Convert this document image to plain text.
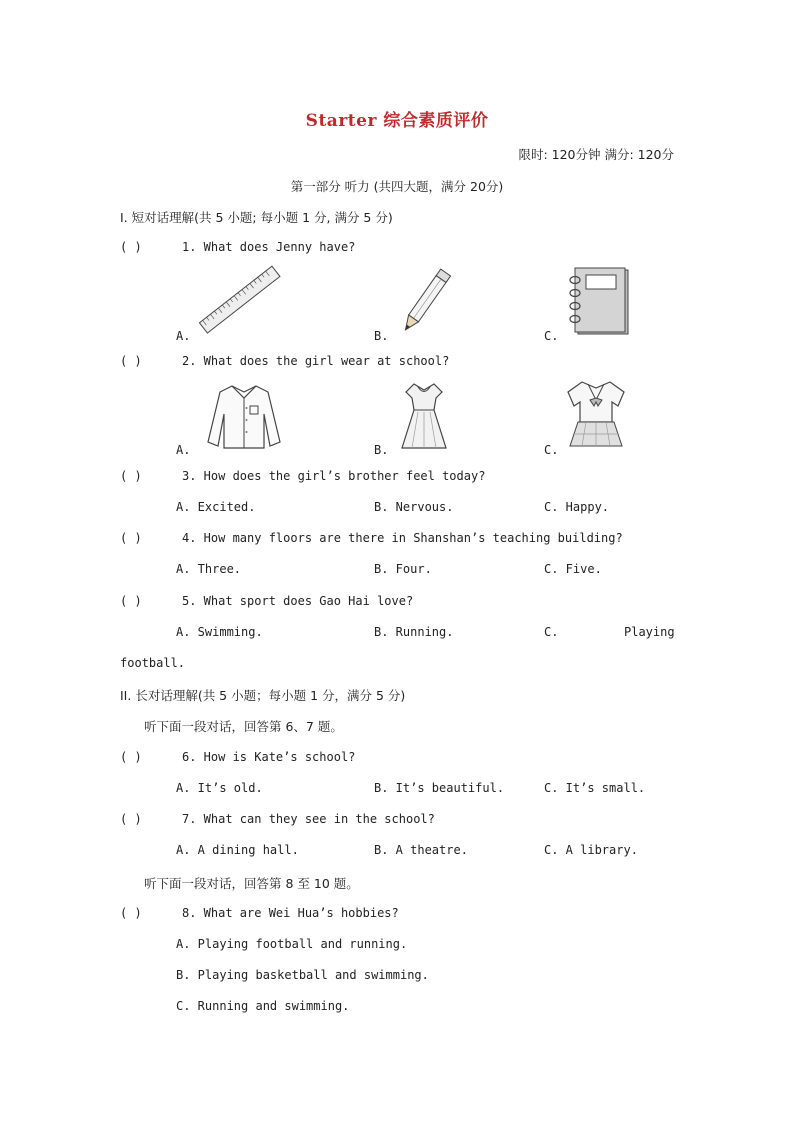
Starter 综合素质评价
限时: 120分钟 满分: 120分
第一部分 听力 (共四大题，满分 20分)
I. 短对话理解(共 5 小题; 每小题 1 分, 满分 5 分)
( )	1. What does Jenny have?
A.	B.	C.
( )	2. What does the girl wear at school?
A.	B.	C.
( )	3. How does the girl’s brother feel today?
A. Excited.	B. Nervous.	C. Happy.
( )	4. How many floors are there in Shanshan’s teaching building?
A. Three.	B. Four.	C. Five.
( )	5. What sport does Gao Hai love?
A. Swimming.	B. Running.	C.	Playing
football.
II. 长对话理解(共 5 小题；每小题 1 分，满分 5 分)
听下面一段对话，回答第 6、7 题。
( )	6. How is Kate’s school?
A. It’s old.	B. It’s beautiful.	C. It’s small.
( )	7. What can they see in the school?
A. A dining hall.	B. A theatre.	C. A library.
听下面一段对话，回答第 8 至 10 题。
( )	8. What are Wei Hua’s hobbies?
A. Playing football and running.
B. Playing basketball and swimming.
C. Running and swimming.
